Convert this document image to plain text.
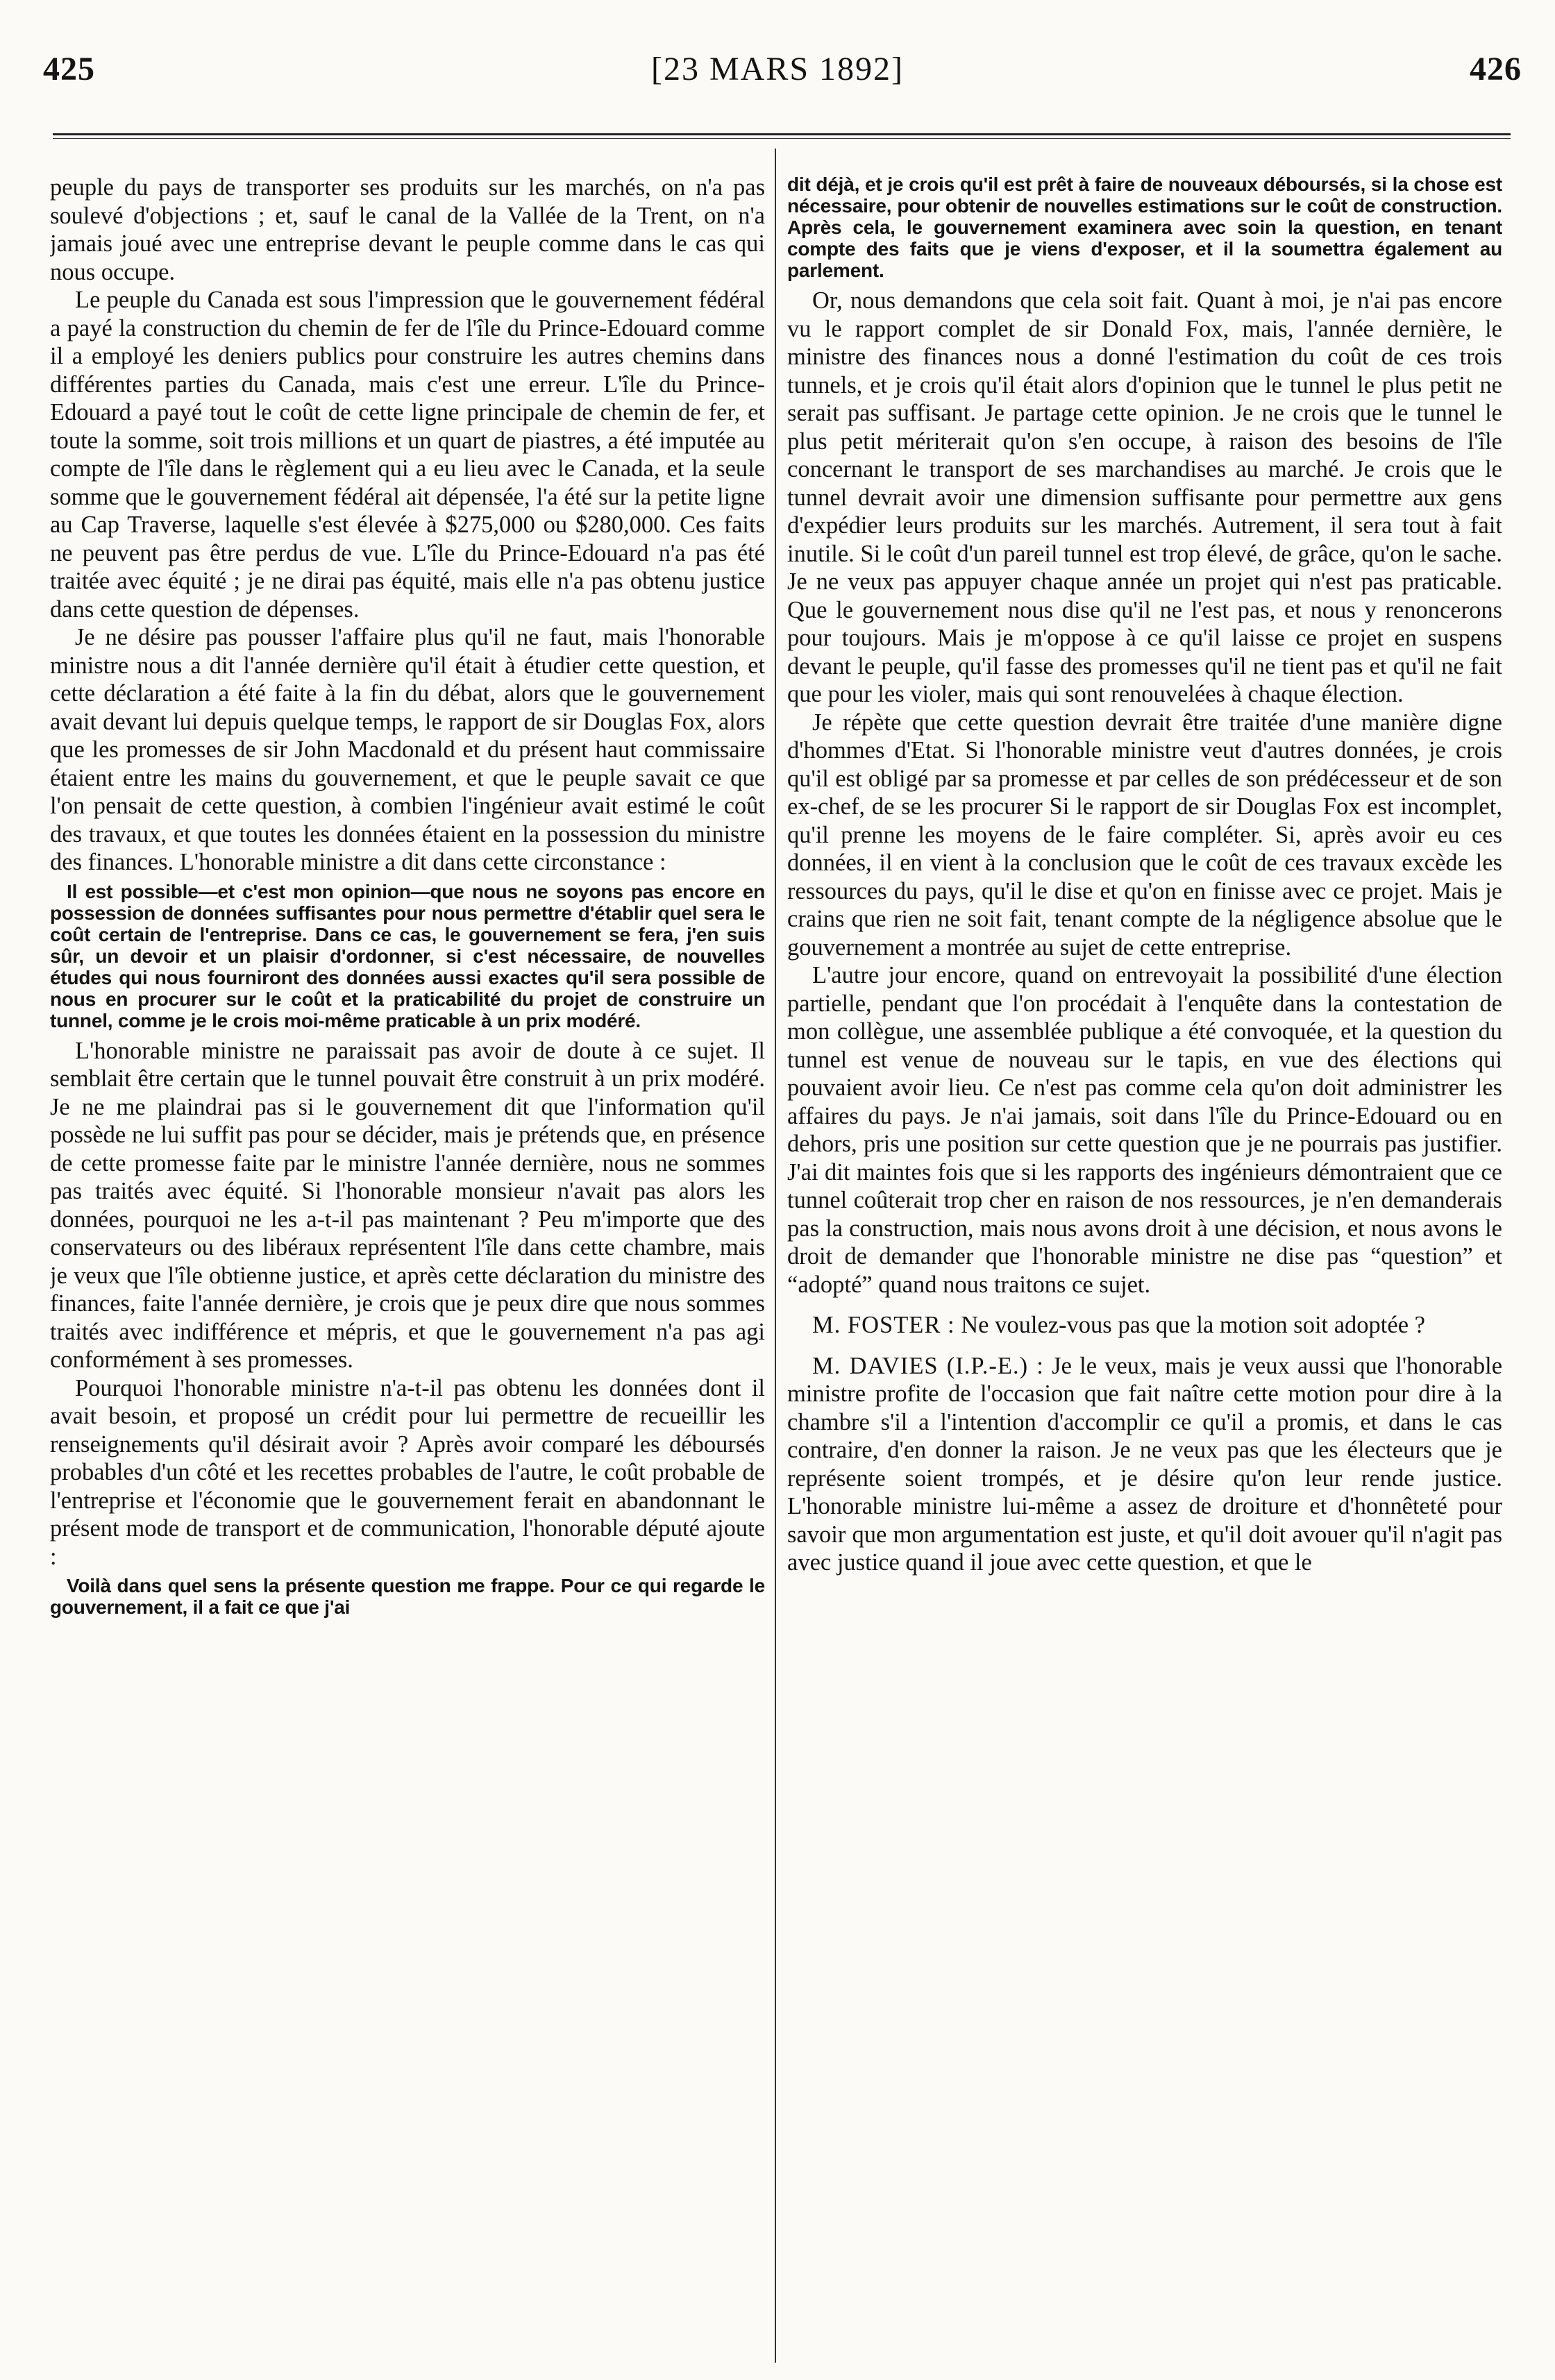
425	[23 MARS 1892]	426

peuple du pays de transporter ses produits sur les marchés, on n'a pas soulevé d'objections ; et, sauf le canal de la Vallée de la Trent, on n'a jamais joué avec une entreprise devant le peuple comme dans le cas qui nous occupe.

Le peuple du Canada est sous l'impression que le gouvernement fédéral a payé la construction du chemin de fer de l'île du Prince-Edouard comme il a employé les deniers publics pour construire les autres chemins dans différentes parties du Canada, mais c'est une erreur. L'île du Prince-Edouard a payé tout le coût de cette ligne principale de chemin de fer, et toute la somme, soit trois millions et un quart de piastres, a été imputée au compte de l'île dans le règlement qui a eu lieu avec le Canada, et la seule somme que le gouvernement fédéral ait dépensée, l'a été sur la petite ligne au Cap Traverse, laquelle s'est élevée à $275,000 ou $280,000. Ces faits ne peuvent pas être perdus de vue. L'île du Prince-Edouard n'a pas été traitée avec équité ; je ne dirai pas équité, mais elle n'a pas obtenu justice dans cette question de dépenses.

Je ne désire pas pousser l'affaire plus qu'il ne faut, mais l'honorable ministre nous a dit l'année dernière qu'il était à étudier cette question, et cette déclaration a été faite à la fin du débat, alors que le gouvernement avait devant lui depuis quelque temps, le rapport de sir Douglas Fox, alors que les promesses de sir John Macdonald et du présent haut commissaire étaient entre les mains du gouvernement, et que le peuple savait ce que l'on pensait de cette question, à combien l'ingénieur avait estimé le coût des travaux, et que toutes les données étaient en la possession du ministre des finances. L'honorable ministre a dit dans cette circonstance :

Il est possible—et c'est mon opinion—que nous ne soyons pas encore en possession de données suffisantes pour nous permettre d'établir quel sera le coût certain de l'entreprise. Dans ce cas, le gouvernement se fera, j'en suis sûr, un devoir et un plaisir d'ordonner, si c'est nécessaire, de nouvelles études qui nous fourniront des données aussi exactes qu'il sera possible de nous en procurer sur le coût et la praticabilité du projet de construire un tunnel, comme je le crois moi-même praticable à un prix modéré.

L'honorable ministre ne paraissait pas avoir de doute à ce sujet. Il semblait être certain que le tunnel pouvait être construit à un prix modéré. Je ne me plaindrai pas si le gouvernement dit que l'information qu'il possède ne lui suffit pas pour se décider, mais je prétends que, en présence de cette promesse faite par le ministre l'année dernière, nous ne sommes pas traités avec équité. Si l'honorable monsieur n'avait pas alors les données, pourquoi ne les a-t-il pas maintenant ? Peu m'importe que des conservateurs ou des libéraux représentent l'île dans cette chambre, mais je veux que l'île obtienne justice, et après cette déclaration du ministre des finances, faite l'année dernière, je crois que je peux dire que nous sommes traités avec indifférence et mépris, et que le gouvernement n'a pas agi conformément à ses promesses.

Pourquoi l'honorable ministre n'a-t-il pas obtenu les données dont il avait besoin, et proposé un crédit pour lui permettre de recueillir les renseignements qu'il désirait avoir ? Après avoir comparé les déboursés probables d'un côté et les recettes probables de l'autre, le coût probable de l'entreprise et l'économie que le gouvernement ferait en abandonnant le présent mode de transport et de communication, l'honorable député ajoute :

Voilà dans quel sens la présente question me frappe. Pour ce qui regarde le gouvernement, il a fait ce que j'ai
dit déjà, et je crois qu'il est prêt à faire de nouveaux déboursés, si la chose est nécessaire, pour obtenir de nouvelles estimations sur le coût de construction. Après cela, le gouvernement examinera avec soin la question, en tenant compte des faits que je viens d'exposer, et il la soumettra également au parlement.

Or, nous demandons que cela soit fait. Quant à moi, je n'ai pas encore vu le rapport complet de sir Donald Fox, mais, l'année dernière, le ministre des finances nous a donné l'estimation du coût de ces trois tunnels, et je crois qu'il était alors d'opinion que le tunnel le plus petit ne serait pas suffisant. Je partage cette opinion. Je ne crois que le tunnel le plus petit mériterait qu'on s'en occupe, à raison des besoins de l'île concernant le transport de ses marchandises au marché. Je crois que le tunnel devrait avoir une dimension suffisante pour permettre aux gens d'expédier leurs produits sur les marchés. Autrement, il sera tout à fait inutile. Si le coût d'un pareil tunnel est trop élevé, de grâce, qu'on le sache. Je ne veux pas appuyer chaque année un projet qui n'est pas praticable. Que le gouvernement nous dise qu'il ne l'est pas, et nous y renoncerons pour toujours. Mais je m'oppose à ce qu'il laisse ce projet en suspens devant le peuple, qu'il fasse des promesses qu'il ne tient pas et qu'il ne fait que pour les violer, mais qui sont renouvelées à chaque élection.

Je répète que cette question devrait être traitée d'une manière digne d'hommes d'Etat. Si l'honorable ministre veut d'autres données, je crois qu'il est obligé par sa promesse et par celles de son prédécesseur et de son ex-chef, de se les procurer Si le rapport de sir Douglas Fox est incomplet, qu'il prenne les moyens de le faire compléter. Si, après avoir eu ces données, il en vient à la conclusion que le coût de ces travaux excède les ressources du pays, qu'il le dise et qu'on en finisse avec ce projet. Mais je crains que rien ne soit fait, tenant compte de la négligence absolue que le gouvernement a montrée au sujet de cette entreprise.

L'autre jour encore, quand on entrevoyait la possibilité d'une élection partielle, pendant que l'on procédait à l'enquête dans la contestation de mon collègue, une assemblée publique a été convoquée, et la question du tunnel est venue de nouveau sur le tapis, en vue des élections qui pouvaient avoir lieu. Ce n'est pas comme cela qu'on doit administrer les affaires du pays. Je n'ai jamais, soit dans l'île du Prince-Edouard ou en dehors, pris une position sur cette question que je ne pourrais pas justifier. J'ai dit maintes fois que si les rapports des ingénieurs démontraient que ce tunnel coûterait trop cher en raison de nos ressources, je n'en demanderais pas la construction, mais nous avons droit à une décision, et nous avons le droit de demander que l'honorable ministre ne dise pas “question” et “adopté” quand nous traitons ce sujet.

M. FOSTER : Ne voulez-vous pas que la motion soit adoptée ?

M. DAVIES (I.P.-E.) : Je le veux, mais je veux aussi que l'honorable ministre profite de l'occasion que fait naître cette motion pour dire à la chambre s'il a l'intention d'accomplir ce qu'il a promis, et dans le cas contraire, d'en donner la raison. Je ne veux pas que les électeurs que je représente soient trompés, et je désire qu'on leur rende justice. L'honorable ministre lui-même a assez de droiture et d'honnêteté pour savoir que mon argumentation est juste, et qu'il doit avouer qu'il n'agit pas avec justice quand il joue avec cette question, et que le
